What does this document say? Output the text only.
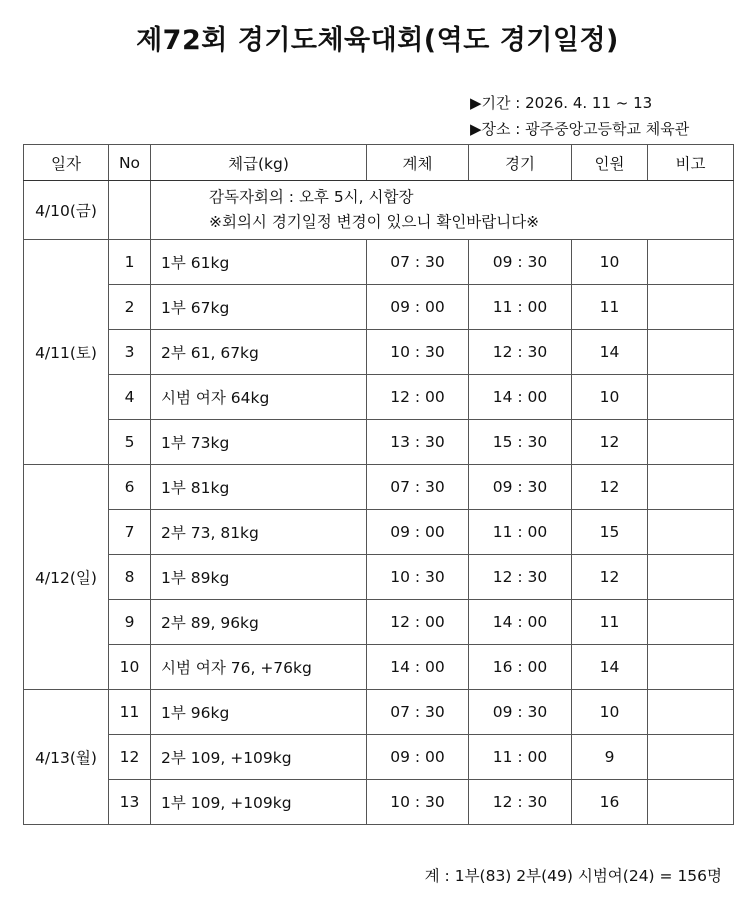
제72회 경기도체육대회(역도 경기일정)
▶기간 : 2026. 4. 11 ~ 13
▶장소 : 광주중앙고등학교 체육관
일자	No	체급(kg)	계체	경기	인원	비고
4/10(금)		감독자회의 : 오후 5시, 시합장
※회의시 경기일정 변경이 있으니 확인바랍니다※				

4/11(토)	1	1부 61kg	07 : 30	09 : 30	10	
	2	1부 67kg	09 : 00	11 : 00	11	
	3	2부 61, 67kg	10 : 30	12 : 30	14	
	4	시범 여자 64kg	12 : 00	14 : 00	10	
	5	1부 73kg	13 : 30	15 : 30	12	
4/12(일)	6	1부 81kg	07 : 30	09 : 30	12	
	7	2부 73, 81kg	09 : 00	11 : 00	15	
	8	1부 89kg	10 : 30	12 : 30	12	
	9	2부 89, 96kg	12 : 00	14 : 00	11	
	10	시범 여자 76, +76kg	14 : 00	16 : 00	14	
4/13(월)	11	1부 96kg	07 : 30	09 : 30	10	
	12	2부 109, +109kg	09 : 00	11 : 00	9	
	13	1부 109, +109kg	10 : 30	12 : 30	16	
계 : 1부(83) 2부(49) 시범여(24) = 156명
